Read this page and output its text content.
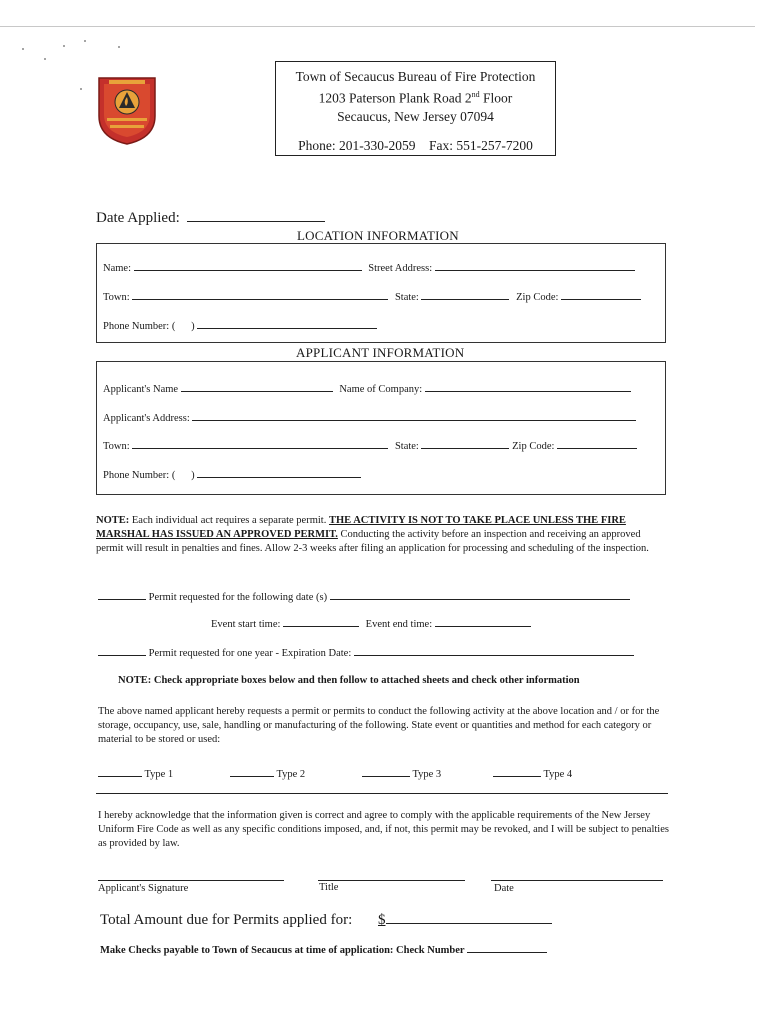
Town of Secaucus Bureau of Fire Protection
1203 Paterson Plank Road 2nd Floor
Secaucus, New Jersey 07094
Phone: 201-330-2059    Fax: 551-257-7200
Date Applied:
LOCATION INFORMATION
Name:	Street Address:
Town:	State:	Zip Code:
Phone Number: (      )
APPLICANT INFORMATION
Applicant's Name	Name of Company:
Applicant's Address:
Town:	State:	Zip Code:
Phone Number: (      )
NOTE: Each individual act requires a separate permit. THE ACTIVITY IS NOT TO TAKE PLACE UNLESS THE FIRE MARSHAL HAS ISSUED AN APPROVED PERMIT. Conducting the activity before an inspection and receiving an approved permit will result in penalties and fines. Allow 2-3 weeks after filing an application for processing and scheduling of the inspection.
Permit requested for the following date (s)
Event start time:	Event end time:
Permit requested for one year - Expiration Date:
NOTE: Check appropriate boxes below and then follow to attached sheets and check other information
The above named applicant hereby requests a permit or permits to conduct the following activity at the above location and / or for the storage, occupancy, use, sale, handling or manufacturing of the following. State event or quantities and method for each category or material to be stored or used:
Type 1	Type 2	Type 3	Type 4
I hereby acknowledge that the information given is correct and agree to comply with the applicable requirements of the New Jersey Uniform Fire Code as well as any specific conditions imposed, and, if not, this permit may be revoked, and I will be subject to penalties as provided by law.
Applicant's Signature	Title	Date
Total Amount due for Permits applied for: $
Make Checks payable to Town of Secaucus at time of application: Check Number
